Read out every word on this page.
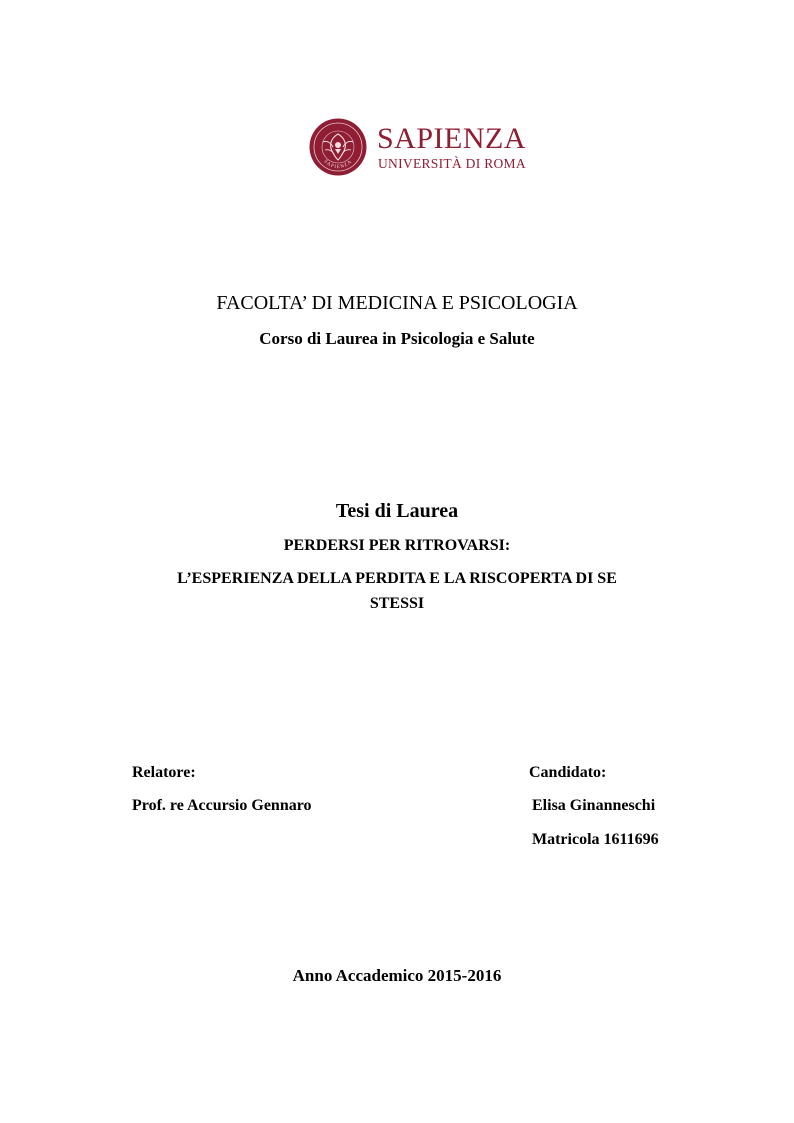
SAPIENZA
SAPIENZA
UNIVERSITÀ DI ROMA
FACOLTA’ DI MEDICINA E PSICOLOGIA
Corso di Laurea in Psicologia e Salute
Tesi di Laurea
PERDERSI PER RITROVARSI:
L’ESPERIENZA DELLA PERDITA E LA RISCOPERTA DI SE
STESSI
Relatore:
Prof. re Accursio Gennaro
Candidato:
Elisa Ginanneschi
Matricola 1611696
Anno Accademico 2015-2016
